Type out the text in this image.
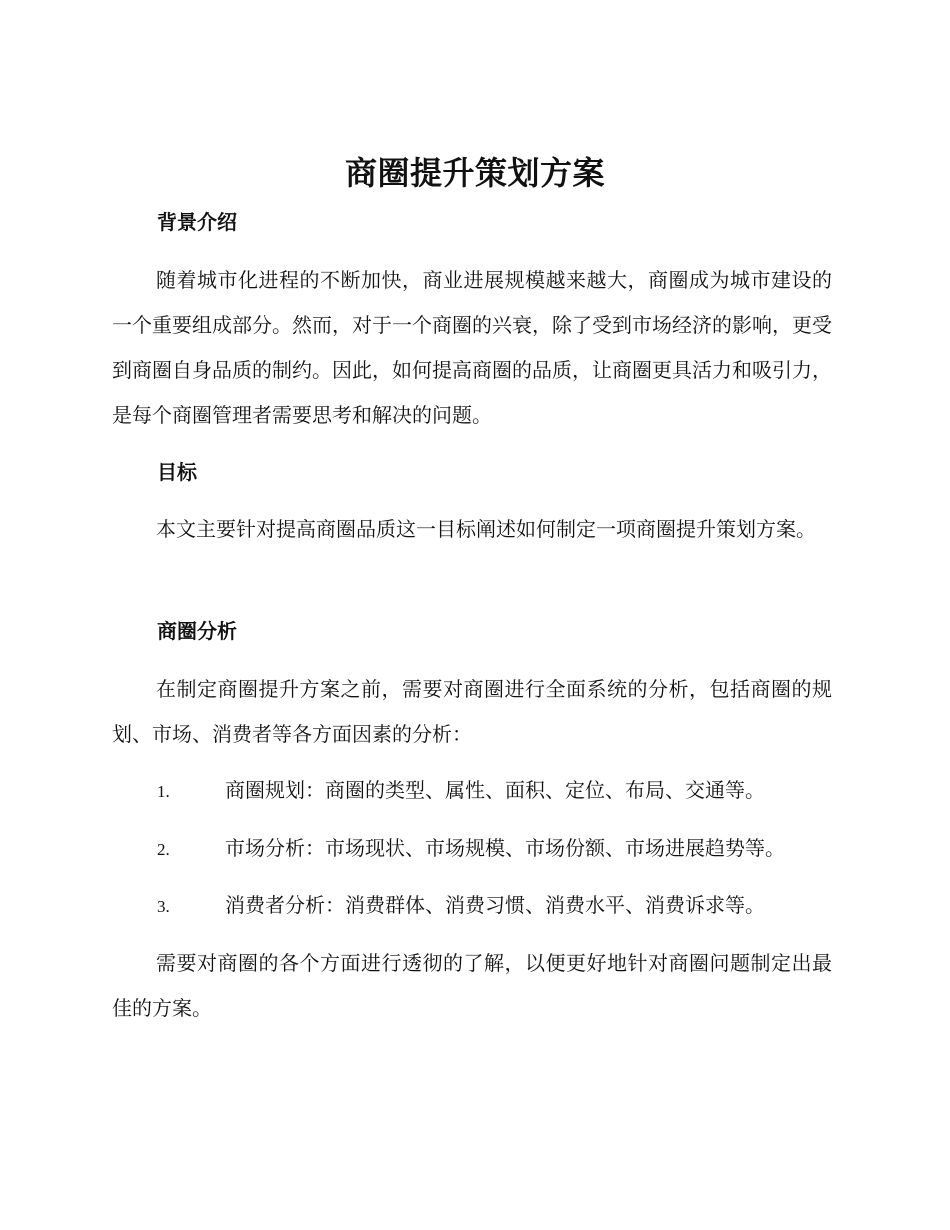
商圈提升策划方案
背景介绍
随着城市化进程的不断加快，商业进展规模越来越大，商圈成为城市建设的一个重要组成部分。然而，对于一个商圈的兴衰，除了受到市场经济的影响，更受到商圈自身品质的制约。因此，如何提高商圈的品质，让商圈更具活力和吸引力，是每个商圈管理者需要思考和解决的问题。
目标
本文主要针对提高商圈品质这一目标阐述如何制定一项商圈提升策划方案。
商圈分析
在制定商圈提升方案之前，需要对商圈进行全面系统的分析，包括商圈的规划、市场、消费者等各方面因素的分析：
1.	商圈规划：商圈的类型、属性、面积、定位、布局、交通等。
2.	市场分析：市场现状、市场规模、市场份额、市场进展趋势等。
3.	消费者分析：消费群体、消费习惯、消费水平、消费诉求等。
需要对商圈的各个方面进行透彻的了解，以便更好地针对商圈问题制定出最佳的方案。
